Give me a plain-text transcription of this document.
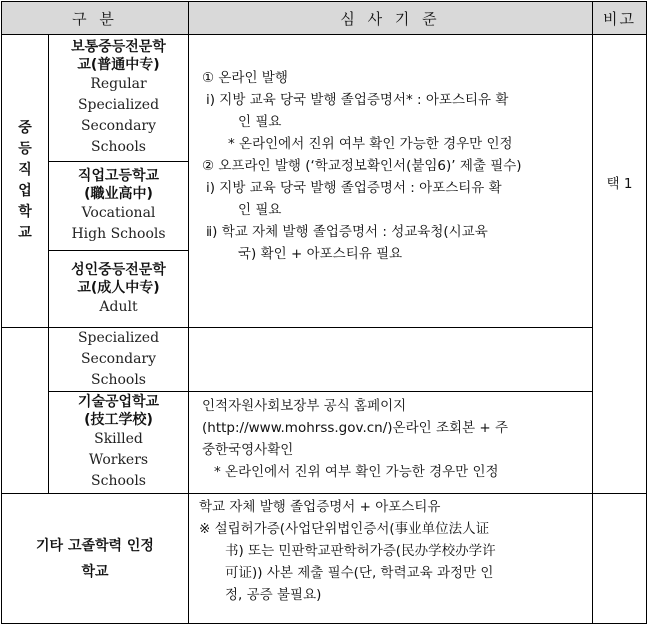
구 분	심 사 기 준	비고
중
등
직
업
학
교
보통중등전문학
교(普通中专)
Regular
Specialized
Secondary
Schools
직업고등학교
(職业高中)
Vocational
High Schools
성인중등전문학
교(成人中专)
Adult

① 온라인 발행

ⅰ) 지방 교육 당국 발행 졸업증명서* : 아포스티유 확

인 필요

* 온라인에서 진위 여부 확인 가능한 경우만 인정

② 오프라인 발행 (‘학교정보확인서(붙임6)’ 제출 필수)

ⅰ) 지방 교육 당국 발행 졸업증명서 : 아포스티유 확

인 필요

ⅱ) 학교 자체 발행 졸업증명서 : 성교육청(시교육

국) 확인 + 아포스티유 필요

택 1
Specialized
Secondary
Schools
기술공업학교
(技工学校)
Skilled
Workers
Schools

인적자원사회보장부 공식 홈페이지

(http://www.mohrss.gov.cn/)온라인 조회본 + 주

중한국영사확인

* 온라인에서 진위 여부 확인 가능한 경우만 인정

기타 고졸학력 인정
학교

학교 자체 발행 졸업증명서 + 아포스티유

※ 설립허가증(사업단위법인증서(事业单位法人证

书) 또는 민판학교판학허가증(民办学校办学许

可证)) 사본 제출 필수(단, 학력교육 과정만 인

정, 공증 불필요)
